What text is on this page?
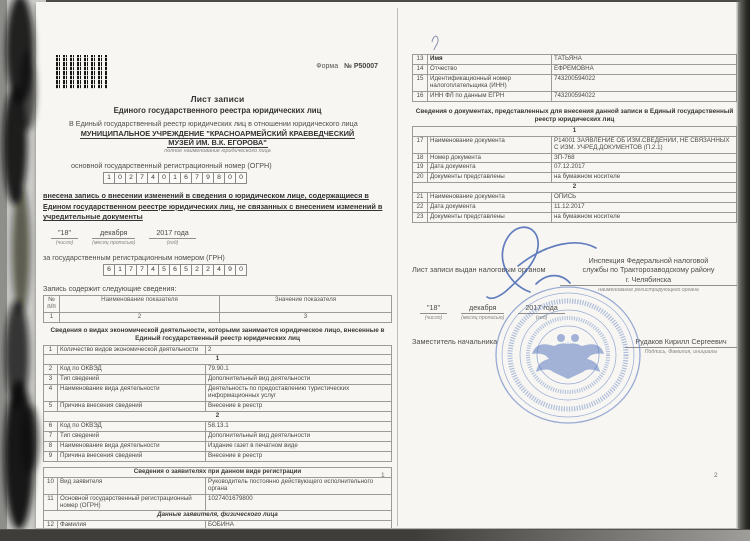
Форма № Р50007
Лист записи
Единого государственного реестра юридических лиц
В Единый государственный реестр юридических лиц в отношении юридического лица
МУНИЦИПАЛЬНОЕ УЧРЕЖДЕНИЕ "КРАСНОАРМЕЙСКИЙ КРАЕВЕДЧЕСКИЙ
МУЗЕЙ ИМ. В.К. ЕГОРОВА"
полное наименование юридического лица
основной государственный регистрационный номер (ОГРН)
1	0	2	7	4	0	1	6	7	9	8	0	0
внесена запись о внесении изменений в сведения о юридическом лице, содержащиеся в Едином государственном реестре юридических лиц, не связанных с внесением изменений в учредительные документы
"18"
(число)
декабря
(месяц прописью)
2017 года
(год)
за государственным регистрационным номером (ГРН)
6	1	7	7	4	5	6	5	2	2	4	9	0
Запись содержит следующие сведения:
№
п/п	Наименование показателя	Значение показателя
1	2	3
Сведения о видах экономической деятельности, которыми занимается юридическое лицо, внесенные в Единый государственный реестр юридических лиц
1	Количество видов экономической деятельности	2
1		
2	Код по ОКВЭД	79.90.1
3	Тип сведений	Дополнительный вид деятельности
4	Наименование вида деятельности	Деятельность по предоставлению туристических информационных услуг
5	Причина внесения сведений	Внесение в реестр
2		
6	Код по ОКВЭД	58.13.1
7	Тип сведений	Дополнительный вид деятельности
8	Наименование вида деятельности	Издание газет в печатном виде
9	Причина внесения сведений	Внесение в реестр
Сведения о заявителях при данном виде регистрации		
10	Вид заявителя	Руководитель постоянно действующего исполнительного органа
11	Основной государственный регистрационный номер (ОГРН)	1027401679800
Данные заявителя, физического лица		
12	Фамилия	БОБИНА
13	Имя	ТАТЬЯНА
14	Отчество	ЕФРЕМОВНА
15	Идентификационный номер налогоплательщика (ИНН)	743200594022
16	ИНН ФЛ по данным ЕГРН	743200594022
Сведения о документах, представленных для внесения данной записи в Единый государственный реестр юридических лиц
1		
17	Наименование документа	Р14001 ЗАЯВЛЕНИЕ ОБ ИЗМ.СВЕДЕНИЙ, НЕ СВЯЗАННЫХ С ИЗМ. УЧРЕД.ДОКУМЕНТОВ (П.2.1)
18	Номер документа	ЗП-768
19	Дата документа	07.12.2017
20	Документы представлены	на бумажном носителе
2		
21	Наименование документа	ОПИСЬ
22	Дата документа	11.12.2017
23	Документы представлены	на бумажном носителе
Лист записи выдан налоговым органом
Инспекция Федеральной налоговой
службы по Тракторозаводскому району
г. Челябинска
наименование регистрирующего органа
"18"
(число)
декабря
(месяц прописью)
2017 года
(год)
Заместитель начальника	Рудаков Кирилл Сергеевич
Подпись, Фамилия, инициалы
1	2
